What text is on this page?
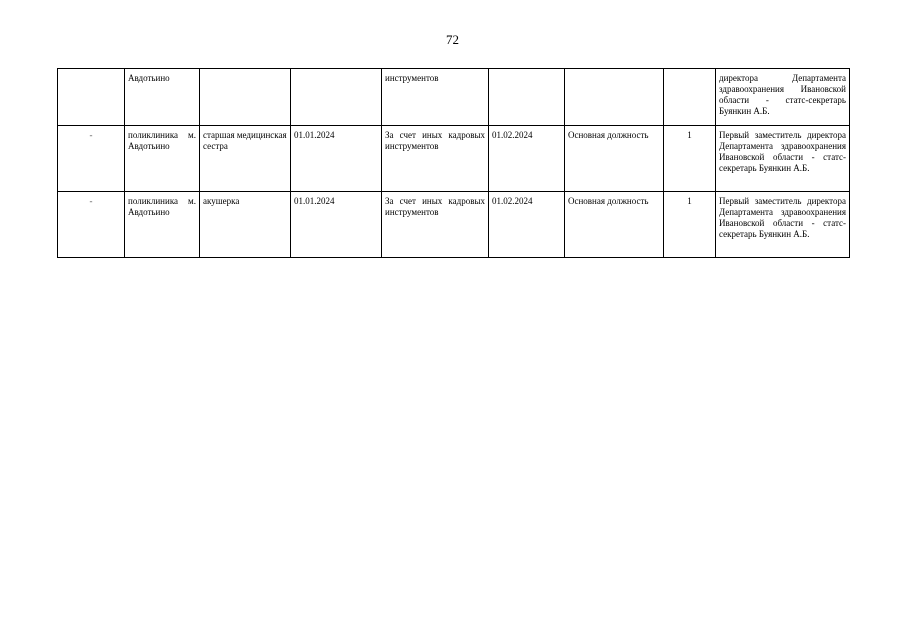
72
	Авдотьино			инструментов				директора Департамента здравоохранения Ивановской области - статс-секретарь Буянкин А.Б.
-	поликлиника м. Авдотьино	старшая медицинская сестра	01.01.2024	За счет иных кадровых инструментов	01.02.2024	Основная должность	1	Первый заместитель директора Департамента здравоохранения Ивановской области - статс-секретарь Буянкин А.Б.
-	поликлиника м. Авдотьино	акушерка	01.01.2024	За счет иных кадровых инструментов	01.02.2024	Основная должность	1	Первый заместитель директора Департамента здравоохранения Ивановской области - статс-секретарь Буянкин А.Б.
